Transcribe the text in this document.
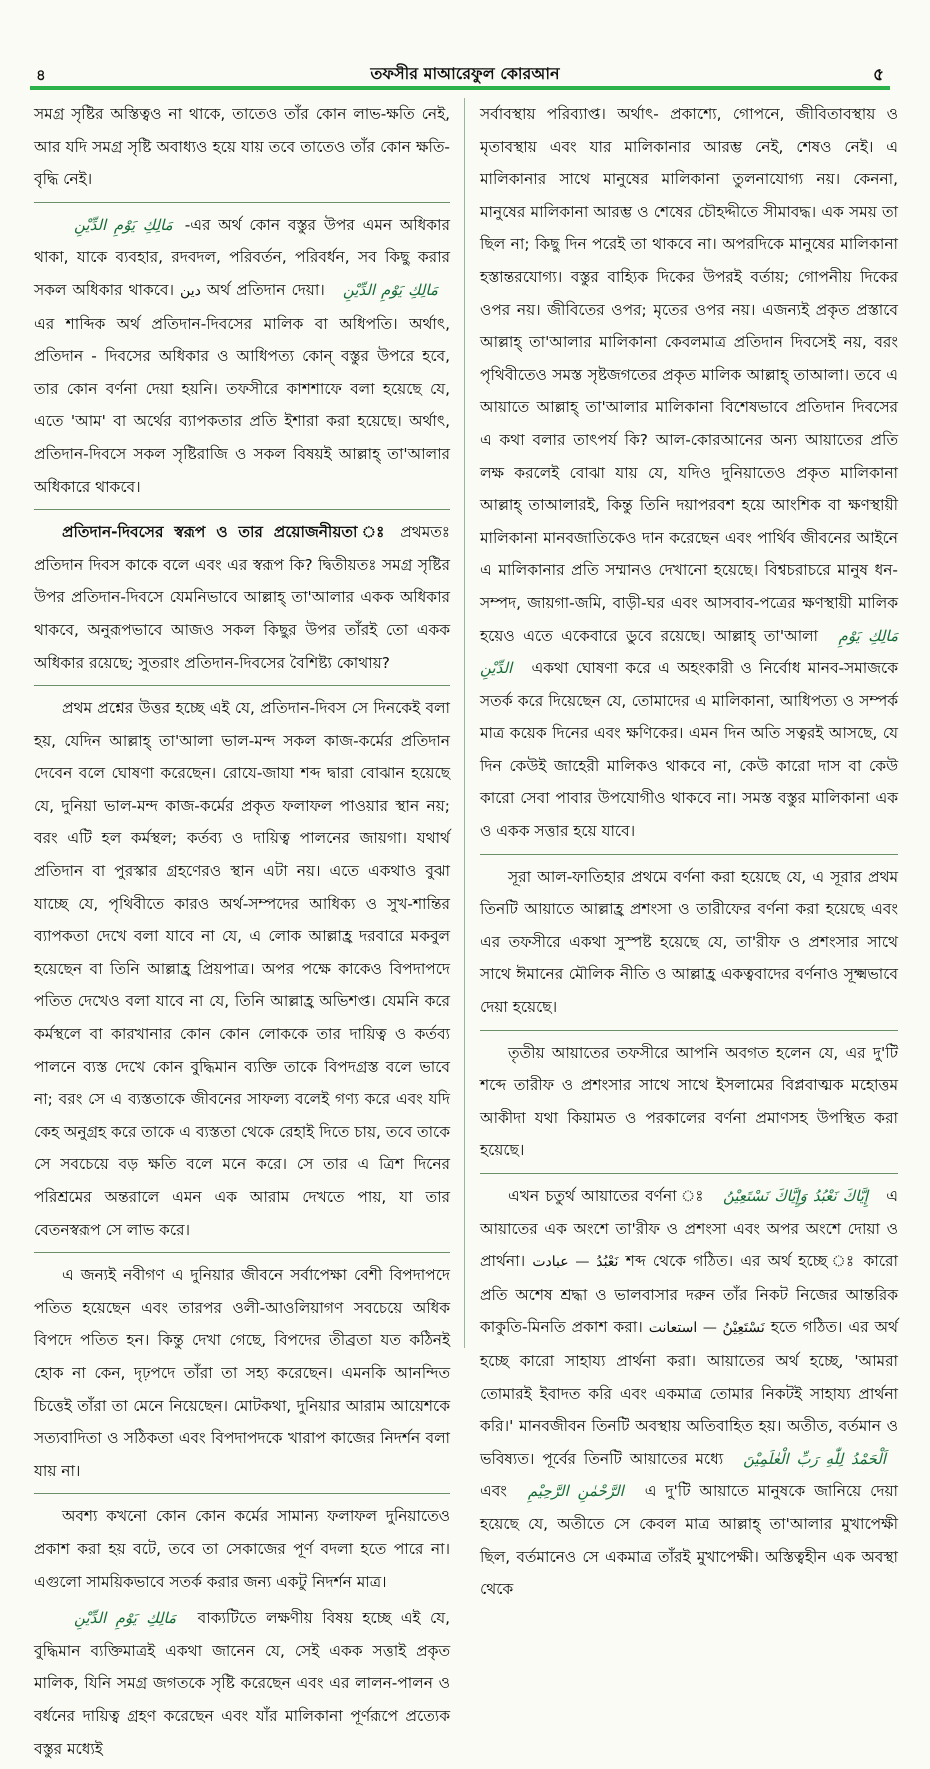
৪	তফসীর মাআরেফুল কোরআন	৫

সমগ্র সৃষ্টির অস্তিত্বও না থাকে, তাতেও তাঁর কোন লাভ-ক্ষতি নেই, আর যদি সমগ্র সৃষ্টি অবাধ্যও হয়ে যায় তবে তাতেও তাঁর কোন ক্ষতি-বৃদ্ধি নেই।

مَالِكِ يَوْمِ الدِّيْنِ -এর অর্থ কোন বস্তুর উপর এমন অধিকার থাকা, যাকে ব্যবহার, রদবদল, পরিবর্তন, পরিবর্ধন, সব কিছু করার সকল অধিকার থাকবে। دين অর্থ প্রতিদান দেয়া। مَالِكِ يَوْمِ الدِّيْنِ এর শাব্দিক অর্থ প্রতিদান-দিবসের মালিক বা অধিপতি। অর্থাৎ, প্রতিদান - দিবসের অধিকার ও আধিপত্য কোন্ বস্তুর উপরে হবে, তার কোন বর্ণনা দেয়া হয়নি। তফসীরে কাশশাফে বলা হয়েছে যে, এতে 'আম' বা অর্থের ব্যাপকতার প্রতি ইশারা করা হয়েছে। অর্থাৎ, প্রতিদান-দিবসে সকল সৃষ্টিরাজি ও সকল বিষয়ই আল্লাহ্ তা'আলার অধিকারে থাকবে।

প্রতিদান-দিবসের স্বরূপ ও তার প্রয়োজনীয়তা ঃ প্রথমতঃ প্রতিদান দিবস কাকে বলে এবং এর স্বরূপ কি? দ্বিতীয়তঃ সমগ্র সৃষ্টির উপর প্রতিদান-দিবসে যেমনিভাবে আল্লাহ্ তা'আলার একক অধিকার থাকবে, অনুরূপভাবে আজও সকল কিছুর উপর তাঁরই তো একক অধিকার রয়েছে; সুতরাং প্রতিদান-দিবসের বৈশিষ্ট্য কোথায়?

প্রথম প্রশ্নের উত্তর হচ্ছে এই যে, প্রতিদান-দিবস সে দিনকেই বলা হয়, যেদিন আল্লাহ্ তা'আলা ভাল-মন্দ সকল কাজ-কর্মের প্রতিদান দেবেন বলে ঘোষণা করেছেন। রোযে-জাযা শব্দ দ্বারা বোঝান হয়েছে যে, দুনিয়া ভাল-মন্দ কাজ-কর্মের প্রকৃত ফলাফল পাওয়ার স্থান নয়; বরং এটি হল কর্মস্থল; কর্তব্য ও দায়িত্ব পালনের জায়গা। যথার্থ প্রতিদান বা পুরস্কার গ্রহণেরও স্থান এটা নয়। এতে একথাও বুঝা যাচ্ছে যে, পৃথিবীতে কারও অর্থ-সম্পদের আধিক্য ও সুখ-শান্তির ব্যাপকতা দেখে বলা যাবে না যে, এ লোক আল্লাহ্র দরবারে মকবুল হয়েছেন বা তিনি আল্লাহ্র প্রিয়পাত্র। অপর পক্ষে কাকেও বিপদাপদে পতিত দেখেও বলা যাবে না যে, তিনি আল্লাহ্র অভিশপ্ত। যেমনি করে কর্মস্থলে বা কারখানার কোন কোন লোককে তার দায়িত্ব ও কর্তব্য পালনে ব্যস্ত দেখে কোন বুদ্ধিমান ব্যক্তি তাকে বিপদগ্রস্ত বলে ভাবে না; বরং সে এ ব্যস্ততাকে জীবনের সাফল্য বলেই গণ্য করে এবং যদি কেহ অনুগ্রহ করে তাকে এ ব্যস্ততা থেকে রেহাই দিতে চায়, তবে তাকে সে সবচেয়ে বড় ক্ষতি বলে মনে করে। সে তার এ ত্রিশ দিনের পরিশ্রমের অন্তরালে এমন এক আরাম দেখতে পায়, যা তার বেতনস্বরূপ সে লাভ করে।

এ জন্যই নবীগণ এ দুনিয়ার জীবনে সর্বাপেক্ষা বেশী বিপদাপদে পতিত হয়েছেন এবং তারপর ওলী-আওলিয়াগণ সবচেয়ে অধিক বিপদে পতিত হন। কিন্তু দেখা গেছে, বিপদের তীব্রতা যত কঠিনই হোক না কেন, দৃঢ়পদে তাঁরা তা সহ্য করেছেন। এমনকি আনন্দিত চিত্তেই তাঁরা তা মেনে নিয়েছেন। মোটকথা, দুনিয়ার আরাম আয়েশকে সত্যবাদিতা ও সঠিকতা এবং বিপদাপদকে খারাপ কাজের নিদর্শন বলা যায় না।

অবশ্য কখনো কোন কোন কর্মের সামান্য ফলাফল দুনিয়াতেও প্রকাশ করা হয় বটে, তবে তা সেকাজের পূর্ণ বদলা হতে পারে না। এগুলো সাময়িকভাবে সতর্ক করার জন্য একটু নিদর্শন মাত্র।

مَالِكِ يَوْمِ الدِّيْنِ বাক্যটিতে লক্ষণীয় বিষয় হচ্ছে এই যে, বুদ্ধিমান ব্যক্তিমাত্রই একথা জানেন যে, সেই একক সত্তাই প্রকৃত মালিক, যিনি সমগ্র জগতকে সৃষ্টি করেছেন এবং এর লালন-পালন ও বর্ধনের দায়িত্ব গ্রহণ করেছেন এবং যাঁর মালিকানা পূর্ণরূপে প্রত্যেক বস্তুর মধ্যেই

সর্বাবস্থায় পরিব্যাপ্ত। অর্থাৎ- প্রকাশ্যে, গোপনে, জীবিতাবস্থায় ও মৃতাবস্থায় এবং যার মালিকানার আরম্ভ নেই, শেষও নেই। এ মালিকানার সাথে মানুষের মালিকানা তুলনাযোগ্য নয়। কেননা, মানুষের মালিকানা আরম্ভ ও শেষের চৌহদ্দীতে সীমাবদ্ধ। এক সময় তা ছিল না; কিছু দিন পরেই তা থাকবে না। অপরদিকে মানুষের মালিকানা হস্তান্তরযোগ্য। বস্তুর বাহ্যিক দিকের উপরই বর্তায়; গোপনীয় দিকের ওপর নয়। জীবিতের ওপর; মৃতের ওপর নয়। এজন্যই প্রকৃত প্রস্তাবে আল্লাহ্ তা'আলার মালিকানা কেবলমাত্র প্রতিদান দিবসেই নয়, বরং পৃথিবীতেও সমস্ত সৃষ্টজগতের প্রকৃত মালিক আল্লাহ্ তাআলা। তবে এ আয়াতে আল্লাহ্ তা'আলার মালিকানা বিশেষভাবে প্রতিদান দিবসের এ কথা বলার তাৎপর্য কি? আল-কোরআনের অন্য আয়াতের প্রতি লক্ষ করলেই বোঝা যায় যে, যদিও দুনিয়াতেও প্রকৃত মালিকানা আল্লাহ্ তাআলারই, কিন্তু তিনি দয়াপরবশ হয়ে আংশিক বা ক্ষণস্থায়ী মালিকানা মানবজাতিকেও দান করেছেন এবং পার্থিব জীবনের আইনে এ মালিকানার প্রতি সম্মানও দেখানো হয়েছে। বিশ্বচরাচরে মানুষ ধন-সম্পদ, জায়গা-জমি, বাড়ী-ঘর এবং আসবাব-পত্রের ক্ষণস্থায়ী মালিক হয়েও এতে একেবারে ডুবে রয়েছে। আল্লাহ্ তা'আলা مَالِكِ يَوْمِ الدِّيْنِ একথা ঘোষণা করে এ অহংকারী ও নির্বোধ মানব-সমাজকে সতর্ক করে দিয়েছেন যে, তোমাদের এ মালিকানা, আধিপত্য ও সম্পর্ক মাত্র কয়েক দিনের এবং ক্ষণিকের। এমন দিন অতি সত্বরই আসছে, যে দিন কেউই জাহেরী মালিকও থাকবে না, কেউ কারো দাস বা কেউ কারো সেবা পাবার উপযোগীও থাকবে না। সমস্ত বস্তুর মালিকানা এক ও একক সত্তার হয়ে যাবে।

সূরা আল-ফাতিহার প্রথমে বর্ণনা করা হয়েছে যে, এ সূরার প্রথম তিনটি আয়াতে আল্লাহ্র প্রশংসা ও তারীফের বর্ণনা করা হয়েছে এবং এর তফসীরে একথা সুস্পষ্ট হয়েছে যে, তা'রীফ ও প্রশংসার সাথে সাথে ঈমানের মৌলিক নীতি ও আল্লাহ্র একত্ববাদের বর্ণনাও সূক্ষ্মভাবে দেয়া হয়েছে।

তৃতীয় আয়াতের তফসীরে আপনি অবগত হলেন যে, এর দু'টি শব্দে তারীফ ও প্রশংসার সাথে সাথে ইসলামের বিপ্লবাত্মক মহোত্তম আকীদা যথা কিয়ামত ও পরকালের বর্ণনা প্রমাণসহ উপস্থিত করা হয়েছে।

এখন চতুর্থ আয়াতের বর্ণনা ঃ إِيَّاكَ نَعْبُدُ وَإِيَّاكَ نَسْتَعِيْنُ এ আয়াতের এক অংশে তা'রীফ ও প্রশংসা এবং অপর অংশে দোয়া ও প্রার্থনা। نَعْبُدُ — عبادت শব্দ থেকে গঠিত। এর অর্থ হচ্ছে ঃ কারো প্রতি অশেষ শ্রদ্ধা ও ভালবাসার দরুন তাঁর নিকট নিজের আন্তরিক কাকুতি-মিনতি প্রকাশ করা। نَسْتَعِيْنُ — استعانت হতে গঠিত। এর অর্থ হচ্ছে কারো সাহায্য প্রার্থনা করা। আয়াতের অর্থ হচ্ছে, 'আমরা তোমারই ইবাদত করি এবং একমাত্র তোমার নিকটই সাহায্য প্রার্থনা করি।' মানবজীবন তিনটি অবস্থায় অতিবাহিত হয়। অতীত, বর্তমান ও ভবিষ্যত। পূর্বের তিনটি আয়াতের মধ্যে اَلْحَمْدُ لِلّٰهِ رَبِّ الْعٰلَمِيْنَ এবং الرَّحْمٰنِ الرَّحِيْمِ এ দু'টি আয়াতে মানুষকে জানিয়ে দেয়া হয়েছে যে, অতীতে সে কেবল মাত্র আল্লাহ্ তা'আলার মুখাপেক্ষী ছিল, বর্তমানেও সে একমাত্র তাঁরই মুখাপেক্ষী। অস্তিত্বহীন এক অবস্থা থেকে
